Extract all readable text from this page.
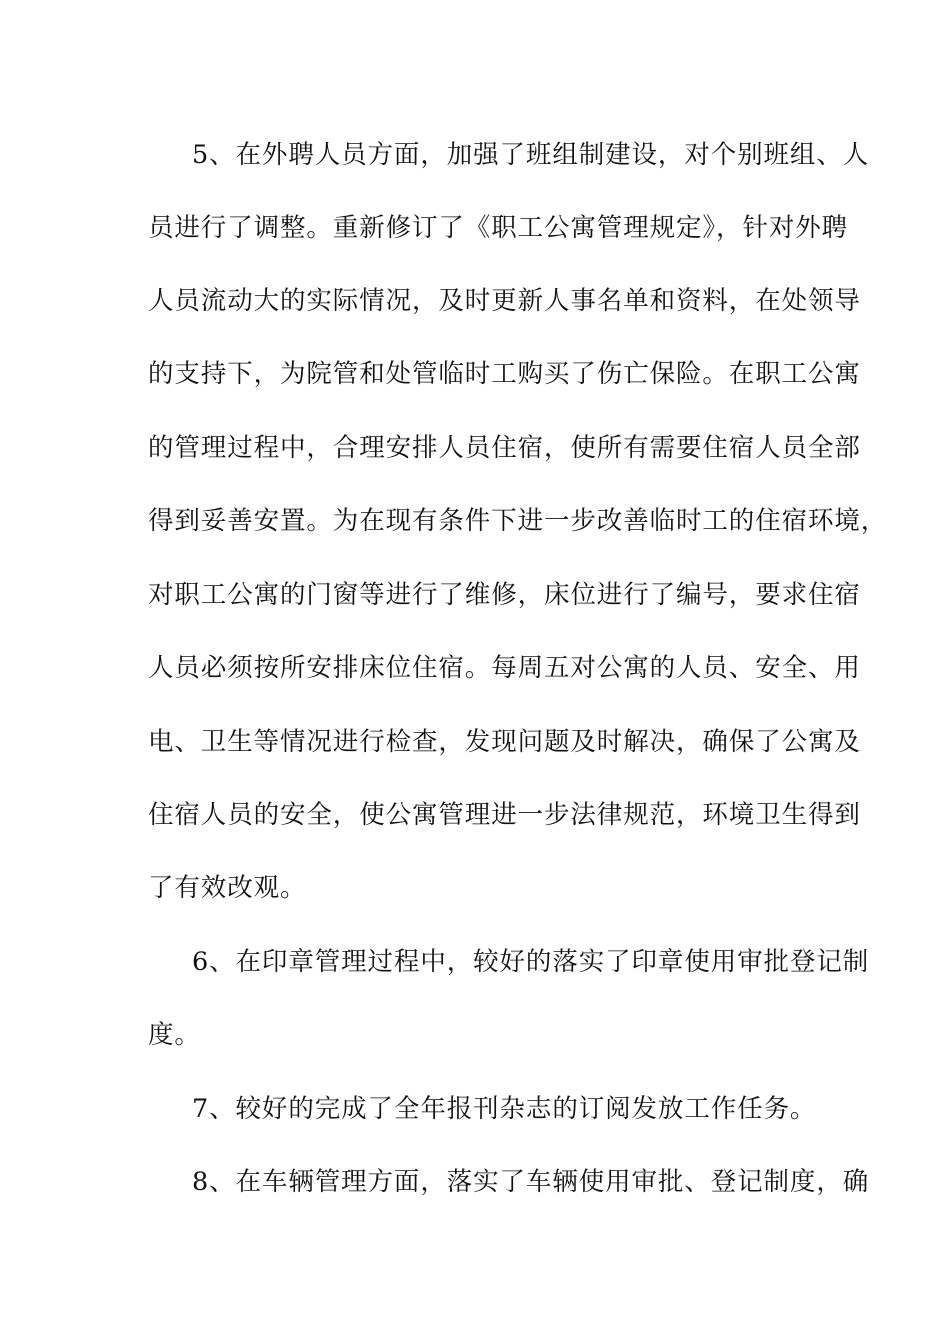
5、在外聘人员方面，加强了班组制建设，对个别班组、人
员进行了调整。重新修订了《职工公寓管理规定》，针对外聘
人员流动大的实际情况，及时更新人事名单和资料，在处领导
的支持下，为院管和处管临时工购买了伤亡保险。在职工公寓
的管理过程中，合理安排人员住宿，使所有需要住宿人员全部
得到妥善安置。为在现有条件下进一步改善临时工的住宿环境，
对职工公寓的门窗等进行了维修，床位进行了编号，要求住宿
人员必须按所安排床位住宿。每周五对公寓的人员、安全、用
电、卫生等情况进行检查，发现问题及时解决，确保了公寓及
住宿人员的安全，使公寓管理进一步法律规范，环境卫生得到
了有效改观。
6、在印章管理过程中，较好的落实了印章使用审批登记制
度。
7、较好的完成了全年报刊杂志的订阅发放工作任务。
8、在车辆管理方面，落实了车辆使用审批、登记制度，确
